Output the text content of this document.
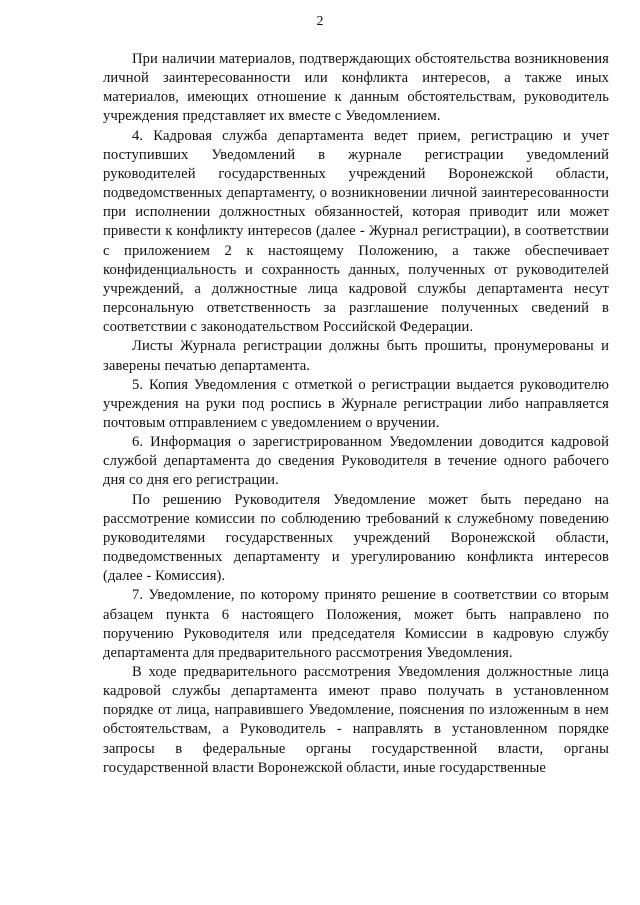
2

При наличии материалов, подтверждающих обстоятельства возникновения личной заинтересованности или конфликта интересов, а также иных материалов, имеющих отношение к данным обстоятельствам, руководитель учреждения представляет их вместе с Уведомлением.

4. Кадровая служба департамента ведет прием, регистрацию и учет поступивших Уведомлений в журнале регистрации уведомлений руководителей государственных учреждений Воронежской области, подведомственных департаменту, о возникновении личной заинтересованности при исполнении должностных обязанностей, которая приводит или может привести к конфликту интересов (далее - Журнал регистрации), в соответствии с приложением 2 к настоящему Положению, а также обеспечивает конфиденциальность и сохранность данных, полученных от руководителей учреждений, а должностные лица кадровой службы департамента несут персональную ответственность за разглашение полученных сведений в соответствии с законодательством Российской Федерации.

Листы Журнала регистрации должны быть прошиты, пронумерованы и заверены печатью департамента.

5. Копия Уведомления с отметкой о регистрации выдается руководителю учреждения на руки под роспись в Журнале регистрации либо направляется почтовым отправлением с уведомлением о вручении.

6. Информация о зарегистрированном Уведомлении доводится кадровой службой департамента до сведения Руководителя в течение одного рабочего дня со дня его регистрации.

По решению Руководителя Уведомление может быть передано на рассмотрение комиссии по соблюдению требований к служебному поведению руководителями государственных учреждений Воронежской области, подведомственных департаменту и урегулированию конфликта интересов (далее - Комиссия).

7. Уведомление, по которому принято решение в соответствии со вторым абзацем пункта 6 настоящего Положения, может быть направлено по поручению Руководителя или председателя Комиссии в кадровую службу департамента для предварительного рассмотрения Уведомления.

В ходе предварительного рассмотрения Уведомления должностные лица кадровой службы департамента имеют право получать в установленном порядке от лица, направившего Уведомление, пояснения по изложенным в нем обстоятельствам, а Руководитель - направлять в установленном порядке запросы в федеральные органы государственной власти, органы государственной власти Воронежской области, иные государственные
